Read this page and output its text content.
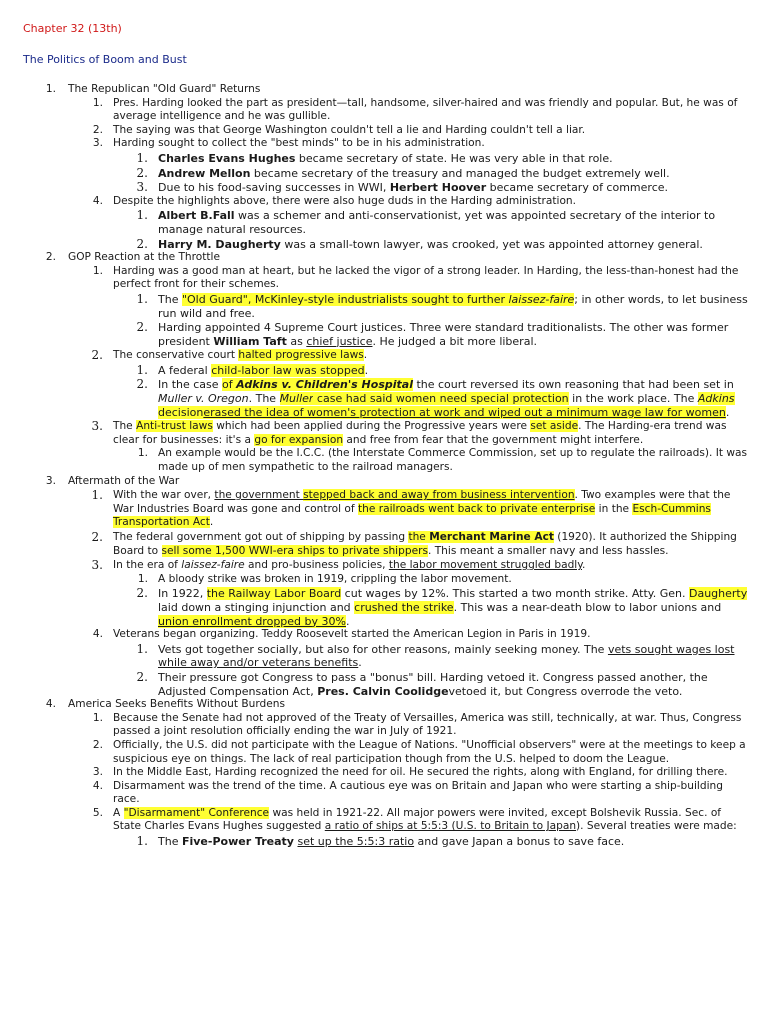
Chapter 32 (13th)
The Politics of Boom and Bust
1. The Republican "Old Guard" Returns
1. Pres. Harding looked the part as president—tall, handsome, silver-haired and was friendly and popular. But, he was of average intelligence and he was gullible.
2. The saying was that George Washington couldn't tell a lie and Harding couldn't tell a liar.
3. Harding sought to collect the "best minds" to be in his administration.
1. Charles Evans Hughes became secretary of state. He was very able in that role.
2. Andrew Mellon became secretary of the treasury and managed the budget extremely well.
3. Due to his food-saving successes in WWI, Herbert Hoover became secretary of commerce.
4. Despite the highlights above, there were also huge duds in the Harding administration.
1. Albert B.Fall was a schemer and anti-conservationist, yet was appointed secretary of the interior to manage natural resources.
2. Harry M. Daugherty was a small-town lawyer, was crooked, yet was appointed attorney general.
2. GOP Reaction at the Throttle
1. Harding was a good man at heart, but he lacked the vigor of a strong leader. In Harding, the less-than-honest had the perfect front for their schemes.
1. The "Old Guard", McKinley-style industrialists sought to further laissez-faire; in other words, to let business run wild and free.
2. Harding appointed 4 Supreme Court justices. Three were standard traditionalists. The other was former president William Taft as chief justice. He judged a bit more liberal.
2. The conservative court halted progressive laws.
1. A federal child-labor law was stopped.
2. In the case of Adkins v. Children's Hospital the court reversed its own reasoning that had been set in Muller v. Oregon. The Muller case had said women need special protection in the work place. The Adkins decisionerased the idea of women's protection at work and wiped out a minimum wage law for women.
3. The Anti-trust laws which had been applied during the Progressive years were set aside. The Harding-era trend was clear for businesses: it's a go for expansion and free from fear that the government might interfere.
1. An example would be the I.C.C. (the Interstate Commerce Commission, set up to regulate the railroads). It was made up of men sympathetic to the railroad managers.
3. Aftermath of the War
1. With the war over, the government stepped back and away from business intervention. Two examples were that the War Industries Board was gone and control of the railroads went back to private enterprise in the Esch-Cummins Transportation Act.
2. The federal government got out of shipping by passing the Merchant Marine Act (1920). It authorized the Shipping Board to sell some 1,500 WWI-era ships to private shippers. This meant a smaller navy and less hassles.
3. In the era of laissez-faire and pro-business policies, the labor movement struggled badly.
1. A bloody strike was broken in 1919, crippling the labor movement.
2. In 1922, the Railway Labor Board cut wages by 12%. This started a two month strike. Atty. Gen. Daugherty laid down a stinging injunction and crushed the strike. This was a near-death blow to labor unions and union enrollment dropped by 30%.
4. Veterans began organizing. Teddy Roosevelt started the American Legion in Paris in 1919.
1. Vets got together socially, but also for other reasons, mainly seeking money. The vets sought wages lost while away and/or veterans benefits.
2. Their pressure got Congress to pass a "bonus" bill. Harding vetoed it. Congress passed another, the Adjusted Compensation Act, Pres. Calvin Coolidgevetoed it, but Congress overrode the veto.
4. America Seeks Benefits Without Burdens
1. Because the Senate had not approved of the Treaty of Versailles, America was still, technically, at war. Thus, Congress passed a joint resolution officially ending the war in July of 1921.
2. Officially, the U.S. did not participate with the League of Nations. "Unofficial observers" were at the meetings to keep a suspicious eye on things. The lack of real participation though from the U.S. helped to doom the League.
3. In the Middle East, Harding recognized the need for oil. He secured the rights, along with England, for drilling there.
4. Disarmament was the trend of the time. A cautious eye was on Britain and Japan who were starting a ship-building race.
5. A "Disarmament" Conference was held in 1921-22. All major powers were invited, except Bolshevik Russia. Sec. of State Charles Evans Hughes suggested a ratio of ships at 5:5:3 (U.S. to Britain to Japan). Several treaties were made:
1. The Five-Power Treaty set up the 5:5:3 ratio and gave Japan a bonus to save face.
